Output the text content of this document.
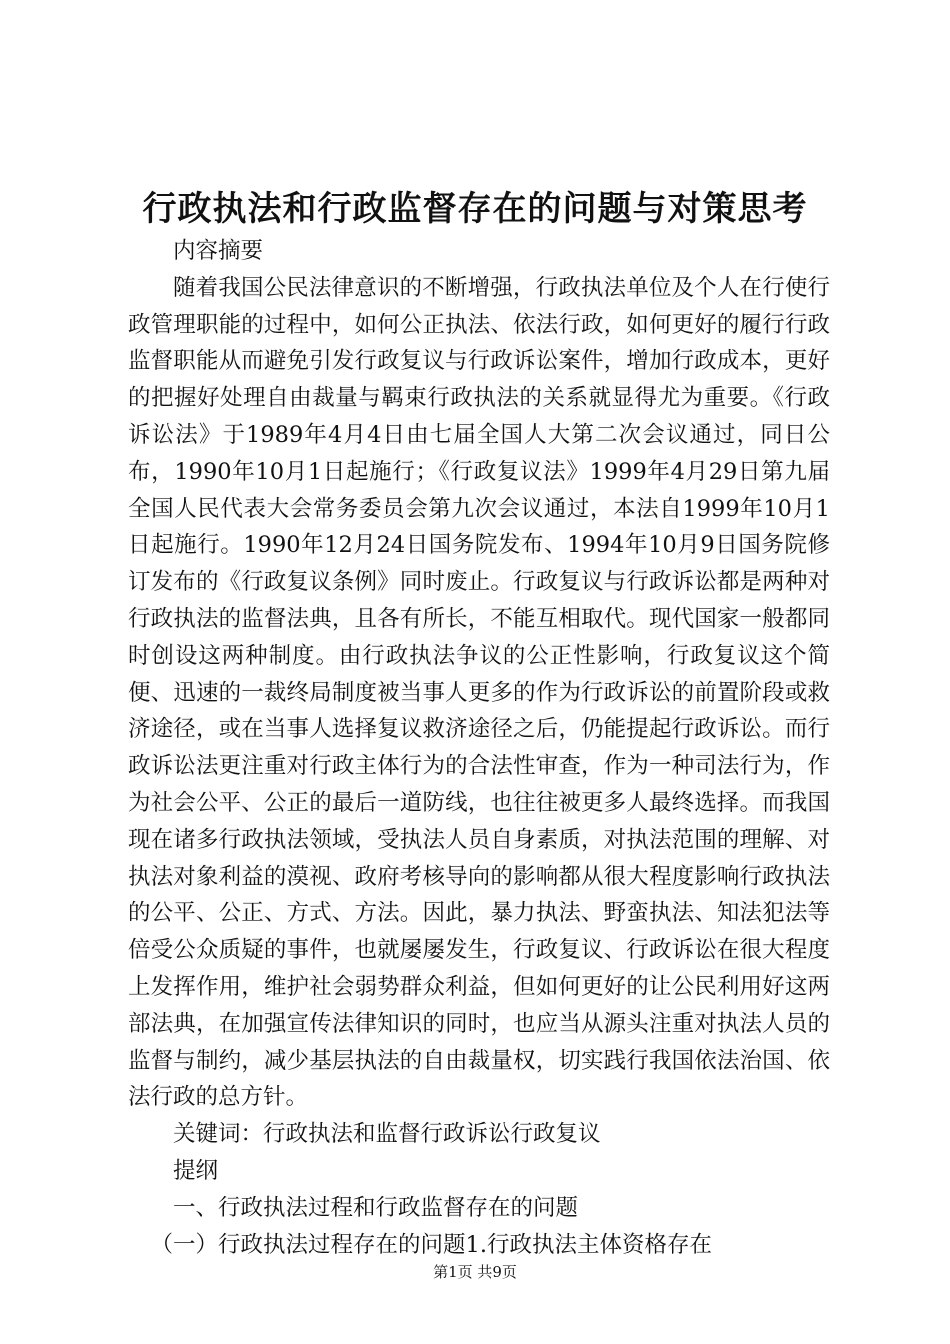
行政执法和行政监督存在的问题与对策思考

内容摘要

随着我国公民法律意识的不断增强，行政执法单位及个人在行使行政管理职能的过程中，如何公正执法、依法行政，如何更好的履行行政监督职能从而避免引发行政复议与行政诉讼案件，增加行政成本，更好的把握好处理自由裁量与羁束行政执法的关系就显得尤为重要。《行政诉讼法》于1989年4月4日由七届全国人大第二次会议通过，同日公布，1990年10月1日起施行；《行政复议法》1999年4月29日第九届全国人民代表大会常务委员会第九次会议通过，本法自1999年10月1日起施行。1990年12月24日国务院发布、1994年10月9日国务院修订发布的《行政复议条例》同时废止。行政复议与行政诉讼都是两种对行政执法的监督法典，且各有所长，不能互相取代。现代国家一般都同时创设这两种制度。由行政执法争议的公正性影响，行政复议这个简便、迅速的一裁终局制度被当事人更多的作为行政诉讼的前置阶段或救济途径，或在当事人选择复议救济途径之后，仍能提起行政诉讼。而行政诉讼法更注重对行政主体行为的合法性审查，作为一种司法行为，作为社会公平、公正的最后一道防线，也往往被更多人最终选择。而我国现在诸多行政执法领域，受执法人员自身素质，对执法范围的理解、对执法对象利益的漠视、政府考核导向的影响都从很大程度影响行政执法的公平、公正、方式、方法。因此，暴力执法、野蛮执法、知法犯法等倍受公众质疑的事件，也就屡屡发生，行政复议、行政诉讼在很大程度上发挥作用，维护社会弱势群众利益，但如何更好的让公民利用好这两部法典，在加强宣传法律知识的同时，也应当从源头注重对执法人员的监督与制约，减少基层执法的自由裁量权，切实践行我国依法治国、依法行政的总方针。

关键词：行政执法和监督行政诉讼行政复议

提纲

一、行政执法过程和行政监督存在的问题

（一）行政执法过程存在的问题1.行政执法主体资格存在

第1页 共9页
